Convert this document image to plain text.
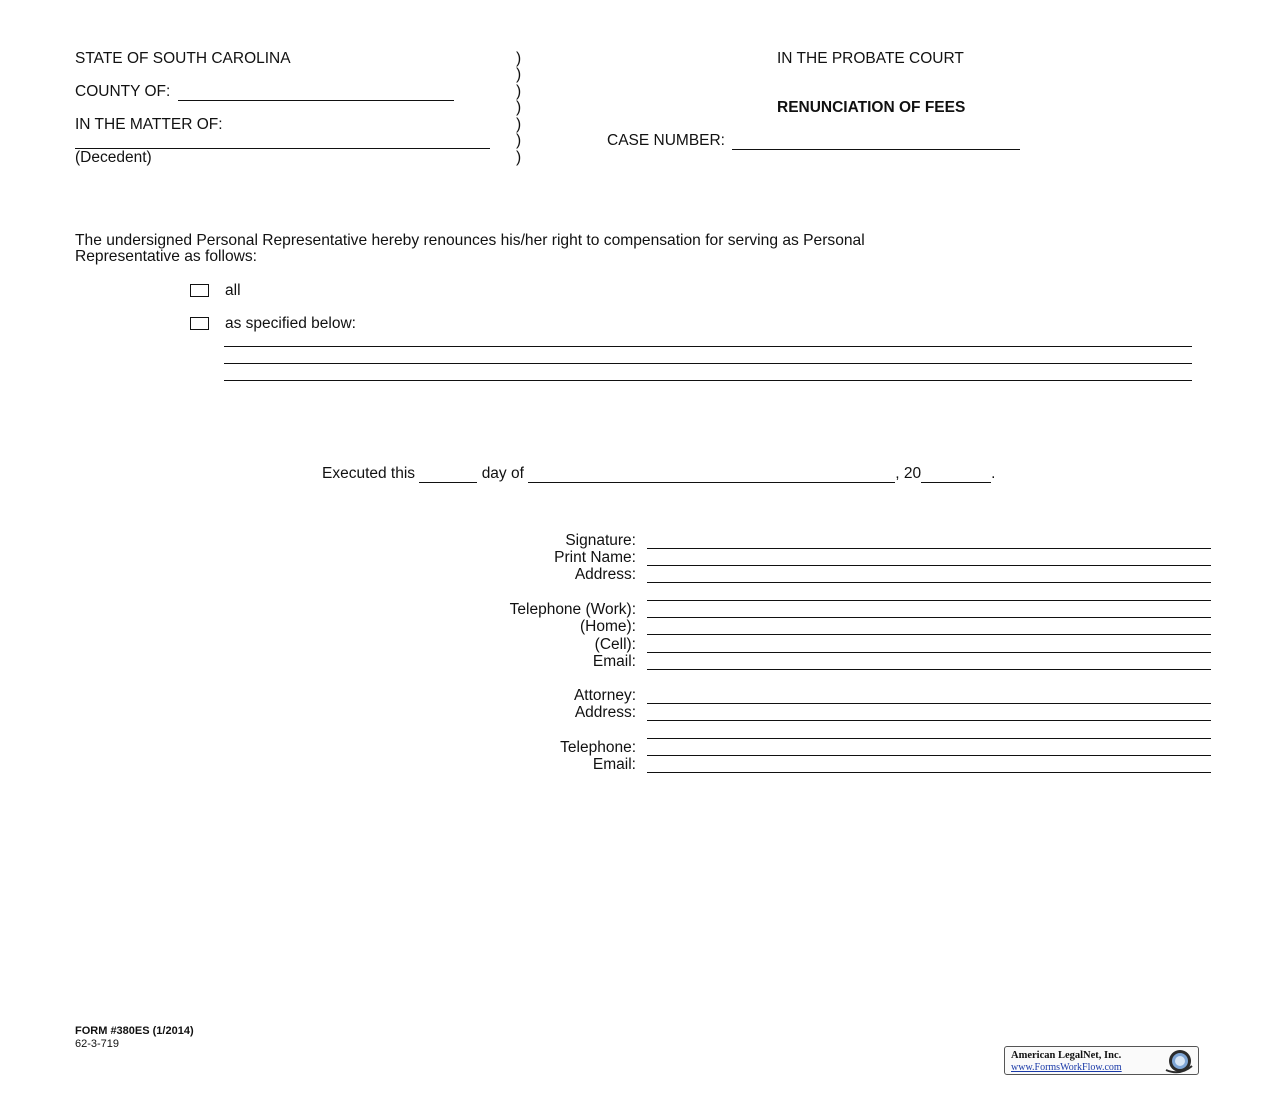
STATE OF SOUTH CAROLINA
COUNTY OF:
IN THE MATTER OF:
(Decedent)
)
)
)
)
)
)
)
IN THE PROBATE COURT
RENUNCIATION OF FEES
CASE NUMBER:
The undersigned Personal Representative hereby renounces his/her right to compensation for serving as Personal
Representative as follows:
all
as specified below:
Executed this	day of	, 20	.
Signature:
Print Name:
Address:
Telephone (Work):
(Home):
(Cell):
Email:
Attorney:
Address:
Telephone:
Email:
FORM #380ES (1/2014)
62-3-719
American LegalNet, Inc.
www.FormsWorkFlow.com
